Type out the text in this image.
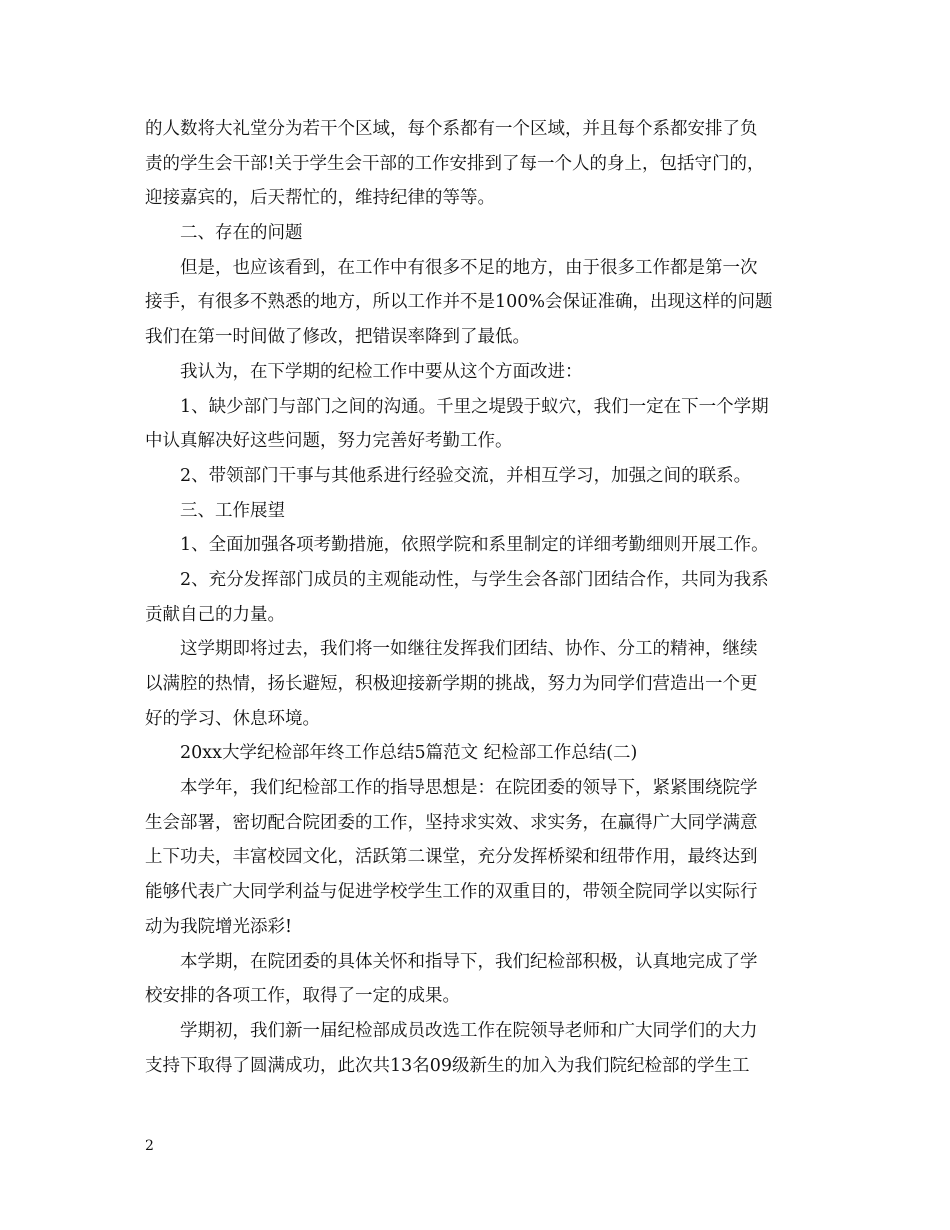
的人数将大礼堂分为若干个区域，每个系都有一个区域，并且每个系都安排了负
责的学生会干部!关于学生会干部的工作安排到了每一个人的身上，包括守门的，
迎接嘉宾的，后天帮忙的，维持纪律的等等。
二、存在的问题
但是，也应该看到，在工作中有很多不足的地方，由于很多工作都是第一次
接手，有很多不熟悉的地方，所以工作并不是100%会保证准确，出现这样的问题
我们在第一时间做了修改，把错误率降到了最低。
我认为，在下学期的纪检工作中要从这个方面改进：
1、缺少部门与部门之间的沟通。千里之堤毁于蚁穴，我们一定在下一个学期
中认真解决好这些问题，努力完善好考勤工作。
2、带领部门干事与其他系进行经验交流，并相互学习，加强之间的联系。
三、工作展望
1、全面加强各项考勤措施，依照学院和系里制定的详细考勤细则开展工作。
2、充分发挥部门成员的主观能动性，与学生会各部门团结合作，共同为我系
贡献自己的力量。
这学期即将过去，我们将一如继往发挥我们团结、协作、分工的精神，继续
以满腔的热情，扬长避短，积极迎接新学期的挑战，努力为同学们营造出一个更
好的学习、休息环境。
20xx大学纪检部年终工作总结5篇范文 纪检部工作总结(二)
本学年，我们纪检部工作的指导思想是：在院团委的领导下，紧紧围绕院学
生会部署，密切配合院团委的工作，坚持求实效、求实务，在赢得广大同学满意
上下功夫，丰富校园文化，活跃第二课堂，充分发挥桥梁和纽带作用，最终达到
能够代表广大同学利益与促进学校学生工作的双重目的，带领全院同学以实际行
动为我院增光添彩!
本学期，在院团委的具体关怀和指导下，我们纪检部积极，认真地完成了学
校安排的各项工作，取得了一定的成果。
学期初，我们新一届纪检部成员改选工作在院领导老师和广大同学们的大力
支持下取得了圆满成功，此次共13名09级新生的加入为我们院纪检部的学生工
2
